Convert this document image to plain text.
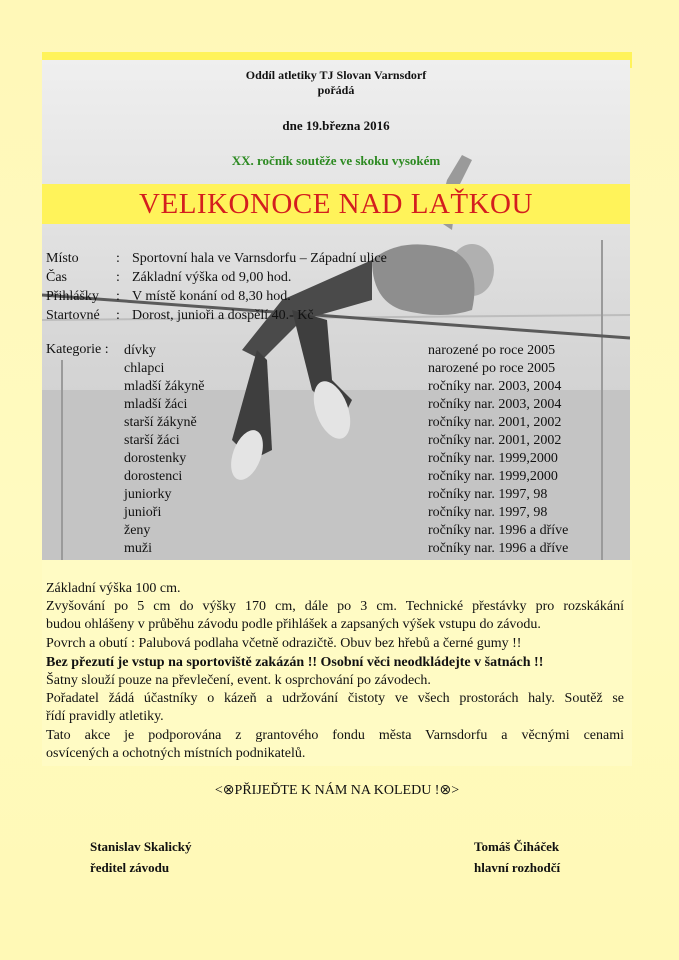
Oddíl atletiky TJ Slovan Varnsdorf
pořádá
dne 19.března 2016
XX. ročník soutěže ve skoku vysokém
VELIKONOCE NAD LAŤKOU
Místo	: Sportovní hala ve Varnsdorfu – Západní ulice
Čas	: Základní výška od 9,00 hod.
Přihlášky	: V místě konání od 8,30 hod.
Startovné	: Dorost, junioři a dospělí 40.- Kč
Kategorie : dívky	narozené po roce 2005
chlapci	narozené po roce 2005
mladší žákyně	ročníky nar. 2003, 2004
mladší žáci	ročníky nar. 2003, 2004
starší žákyně	ročníky nar. 2001, 2002
starší žáci	ročníky nar. 2001, 2002
dorostenky	ročníky nar. 1999,2000
dorostenci	ročníky nar. 1999,2000
juniorky	ročníky nar. 1997, 98
junioři	ročníky nar. 1997, 98
ženy	ročníky nar. 1996 a dříve
muži	ročníky nar. 1996 a dříve
Základní výška 100 cm.
Zvyšování po 5 cm do výšky 170 cm, dále po 3 cm. Technické přestávky pro rozskákání
budou ohlášeny v průběhu závodu podle přihlášek a zapsaných výšek vstupu do závodu.
Povrch a obutí : Palubová podlaha včetně odrazičtě. Obuv bez hřebů a černé gumy !!
Bez přezutí je vstup na sportoviště zakázán !! Osobní věci neodkládejte v šatnách !!
Šatny slouží pouze na převlečení, event. k osprchování po závodech.
Pořadatel žádá účastníky o kázeň a udržování čistoty ve všech prostorách haly. Soutěž se
řídí pravidly atletiky.
Tato akce je podporována z grantového fondu města Varnsdorfu a věcnými cenami
osvícených a ochotných místních podnikatelů.
<⊗PŘIJEĎTE K NÁM NA KOLEDU !⊗>
Stanislav Skalický
ředitel závodu
Tomáš Čiháček
hlavní rozhodčí
